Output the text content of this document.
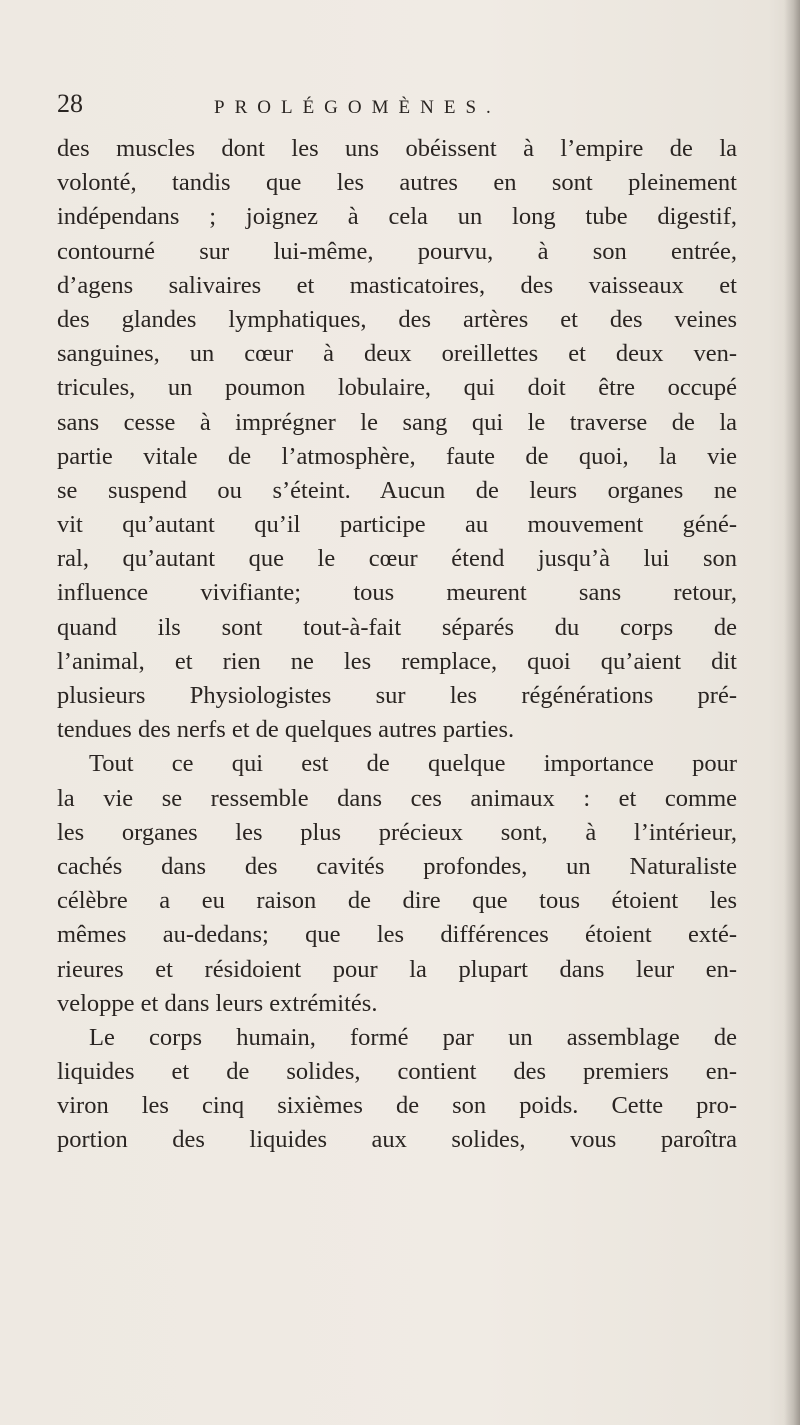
28	PROLÉGOMÈNES.
des muscles dont les uns obéissent à l’empire de la
volonté, tandis que les autres en sont pleinement
indépendans ; joignez à cela un long tube digestif,
contourné sur lui-même, pourvu, à son entrée,
d’agens salivaires et masticatoires, des vaisseaux et
des glandes lymphatiques, des artères et des veines
sanguines, un cœur à deux oreillettes et deux ven-
tricules, un poumon lobulaire, qui doit être occupé
sans cesse à imprégner le sang qui le traverse de la
partie vitale de l’atmosphère, faute de quoi, la vie
se suspend ou s’éteint. Aucun de leurs organes ne
vit qu’autant qu’il participe au mouvement géné-
ral, qu’autant que le cœur étend jusqu’à lui son
influence vivifiante; tous meurent sans retour,
quand ils sont tout-à-fait séparés du corps de
l’animal, et rien ne les remplace, quoi qu’aient dit
plusieurs Physiologistes sur les régénérations pré-
tendues des nerfs et de quelques autres parties.
Tout ce qui est de quelque importance pour
la vie se ressemble dans ces animaux : et comme
les organes les plus précieux sont, à l’intérieur,
cachés dans des cavités profondes, un Naturaliste
célèbre a eu raison de dire que tous étoient les
mêmes au-dedans; que les différences étoient exté-
rieures et résidoient pour la plupart dans leur en-
veloppe et dans leurs extrémités.
Le corps humain, formé par un assemblage de
liquides et de solides, contient des premiers en-
viron les cinq sixièmes de son poids. Cette pro-
portion des liquides aux solides, vous paroîtra
